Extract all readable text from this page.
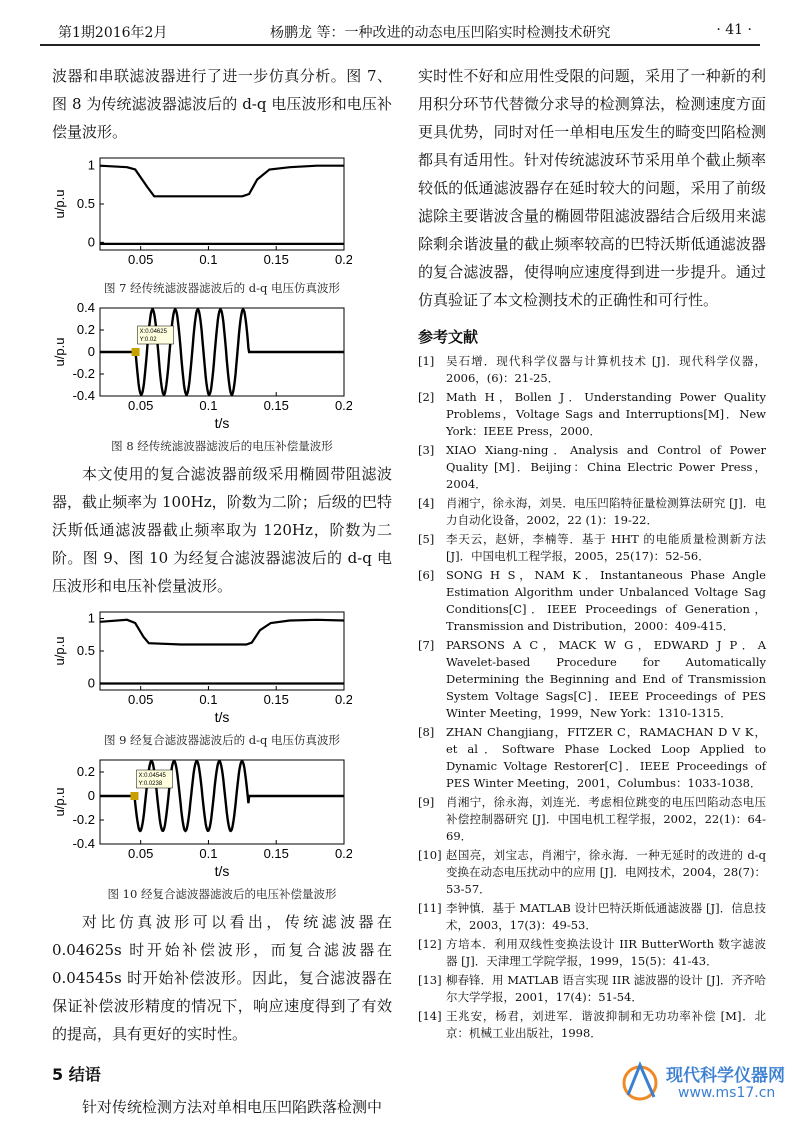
第1期2016年2月	杨鹏龙 等：一种改进的动态电压凹陷实时检测技术研究	· 41 ·

波器和串联滤波器进行了进一步仿真分析。图 7、图 8 为传统滤波器滤波后的 d-q 电压波形和电压补偿量波形。

0.05	0.1	0.15	0.2
0
0.5
1
u/p.u
图 7 经传统滤波器滤波后的 d-q 电压仿真波形
0.05	0.1	0.15	0.2
-0.4
-0.2
0
0.2
0.4
u/p.u
t/s
X:0.04625
Y:0.02
图 8 经传统滤波器滤波后的电压补偿量波形

本文使用的复合滤波器前级采用椭圆带阻滤波器，截止频率为 100Hz，阶数为二阶；后级的巴特沃斯低通滤波器截止频率取为 120Hz，阶数为二阶。图 9、图 10 为经复合滤波器滤波后的 d-q 电压波形和电压补偿量波形。

0.05	0.1	0.15	0.2
0
0.5
1
u/p.u
t/s
图 9 经复合滤波器滤波后的 d-q 电压仿真波形
0.05	0.1	0.15	0.2
-0.4
-0.2
0
0.2
u/p.u
t/s
X:0.04545
Y:0.0238
图 10 经复合滤波器滤波后的电压补偿量波形

对比仿真波形可以看出，传统滤波器在 0.04625s 时开始补偿波形，而复合滤波器在 0.04545s 时开始补偿波形。因此，复合滤波器在保证补偿波形精度的情况下，响应速度得到了有效的提高，具有更好的实时性。

5 结语

针对传统检测方法对单相电压凹陷跌落检测中

实时性不好和应用性受限的问题，采用了一种新的利用积分环节代替微分求导的检测算法，检测速度方面更具优势，同时对任一单相电压发生的畸变凹陷检测都具有适用性。针对传统滤波环节采用单个截止频率较低的低通滤波器存在延时较大的问题，采用了前级滤除主要谐波含量的椭圆带阻滤波器结合后级用来滤除剩余谐波量的截止频率较高的巴特沃斯低通滤波器的复合滤波器，使得响应速度得到进一步提升。通过仿真验证了本文检测技术的正确性和可行性。

参考文献
[1]	吴石增．现代科学仪器与计算机技术 [J]．现代科学仪器，2006，(6)：21-25．
[2]	Math H，Bollen J．Understanding Power Quality Problems，Voltage Sags and Interruptions[M]．New York：IEEE Press，2000．
[3]	XIAO Xiang-ning．Analysis and Control of Power Quality [M]．Beijing：China Electric Power Press，2004．
[4]	肖湘宁，徐永海，刘昊．电压凹陷特征量检测算法研究 [J]．电力自动化设备，2002，22 (1)：19-22．
[5]	李天云，赵妍，李楠等．基于 HHT 的电能质量检测新方法 [J]．中国电机工程学报，2005，25(17)：52-56．
[6]	SONG H S，NAM K．Instantaneous Phase Angle Estimation Algorithm under Unbalanced Voltage Sag Conditions[C]．IEEE Proceedings of Generation，Transmission and Distribution，2000：409-415．
[7]	PARSONS A C，MACK W G，EDWARD J P．A Wavelet-based Procedure for Automatically Determining the Beginning and End of Transmission System Voltage Sags[C]．IEEE Proceedings of PES Winter Meeting，1999，New York：1310-1315．
[8]	ZHAN Changjiang，FITZER C，RAMACHAN D V K，et al．Software Phase Locked Loop Applied to Dynamic Voltage Restorer[C]．IEEE Proceedings of PES Winter Meeting，2001，Columbus：1033-1038．
[9]	肖湘宁，徐永海，刘连光．考虑相位跳变的电压凹陷动态电压补偿控制器研究 [J]．中国电机工程学报，2002，22(1)：64-69．
[10] 赵国亮，刘宝志，肖湘宁，徐永海．一种无延时的改进的 d-q 变换在动态电压扰动中的应用 [J]．电网技术，2004，28(7)：53-57．
[11] 李钟慎．基于 MATLAB 设计巴特沃斯低通滤波器 [J]．信息技术，2003，17(3)：49-53．
[12] 方培本．利用双线性变换法设计 IIR ButterWorth 数字滤波器 [J]．天津理工学院学报，1999，15(5)：41-43．
[13] 柳春锋．用 MATLAB 语言实现 IIR 滤波器的设计 [J]．齐齐哈尔大学学报，2001，17(4)：51-54．
[14] 王兆安，杨君，刘进军．谐波抑制和无功功率补偿 [M]．北京：机械工业出版社，1998．
现代科学仪器网
www.ms17.cn
